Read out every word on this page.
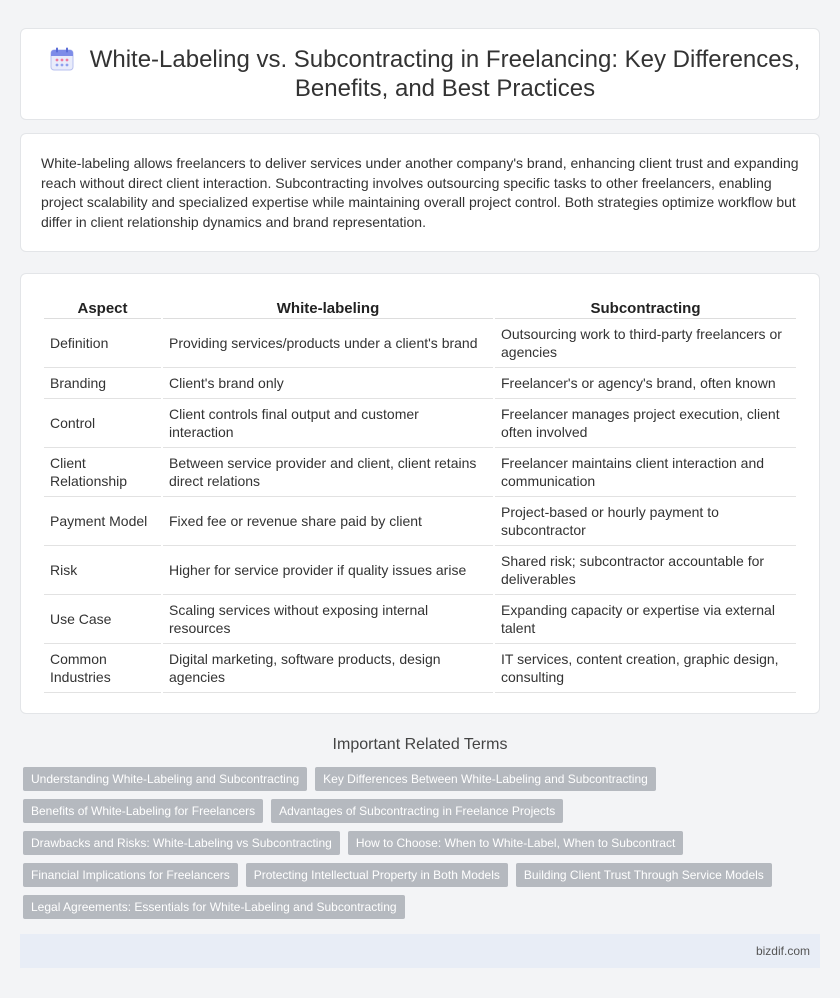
White-Labeling vs. Subcontracting in Freelancing: Key Differences, Benefits, and Best Practices

White-labeling allows freelancers to deliver services under another company's brand, enhancing client trust and expanding reach without direct client interaction. Subcontracting involves outsourcing specific tasks to other freelancers, enabling project scalability and specialized expertise while maintaining overall project control. Both strategies optimize workflow but differ in client relationship dynamics and brand representation.

Aspect	White-labeling	Subcontracting
Definition	Providing services/products under a client's brand	Outsourcing work to third-party freelancers or agencies
Branding	Client's brand only	Freelancer's or agency's brand, often known
Control	Client controls final output and customer interaction	Freelancer manages project execution, client often involved
Client Relationship	Between service provider and client, client retains direct relations	Freelancer maintains client interaction and communication
Payment Model	Fixed fee or revenue share paid by client	Project-based or hourly payment to subcontractor
Risk	Higher for service provider if quality issues arise	Shared risk; subcontractor accountable for deliverables
Use Case	Scaling services without exposing internal resources	Expanding capacity or expertise via external talent
Common Industries	Digital marketing, software products, design agencies	IT services, content creation, graphic design, consulting
Important Related Terms
Understanding White-Labeling and Subcontracting	Key Differences Between White-Labeling and Subcontracting
Benefits of White-Labeling for Freelancers	Advantages of Subcontracting in Freelance Projects
Drawbacks and Risks: White-Labeling vs Subcontracting	How to Choose: When to White-Label, When to Subcontract
Financial Implications for Freelancers	Protecting Intellectual Property in Both Models	Building Client Trust Through Service Models
Legal Agreements: Essentials for White-Labeling and Subcontracting
bizdif.com
